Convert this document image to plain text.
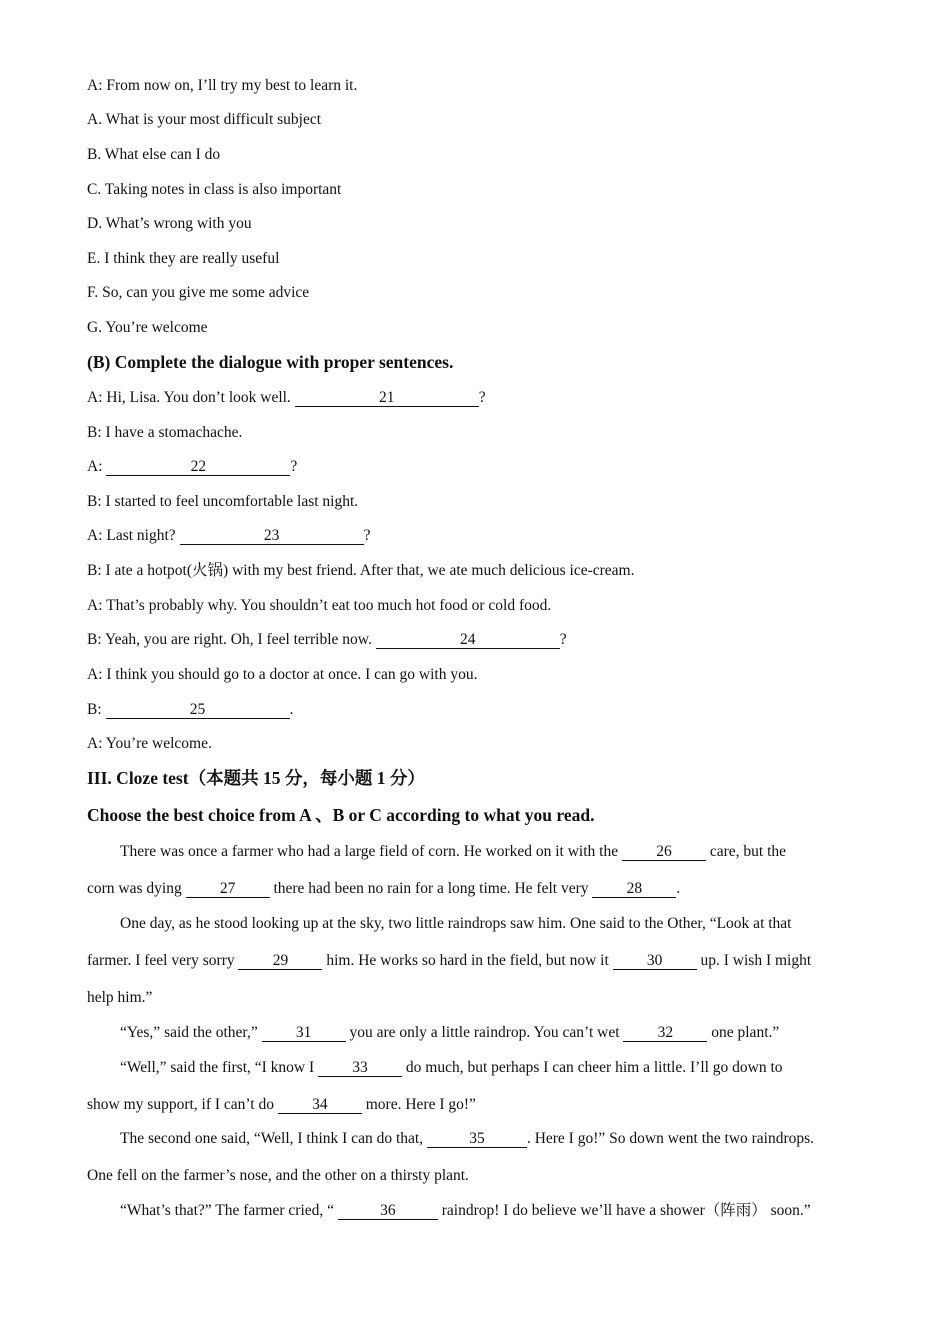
A: From now on, I’ll try my best to learn it.
A. What is your most difficult subject
B. What else can I do
C. Taking notes in class is also important
D. What’s wrong with you
E. I think they are really useful
F. So, can you give me some advice
G. You’re welcome
(B) Complete the dialogue with proper sentences.
A: Hi, Lisa. You don’t look well.	21	?
B: I have a stomachache.
A:	22	?
B: I started to feel uncomfortable last night.
A: Last night?	23	?
B: I ate a hotpot(火锅) with my best friend. After that, we ate much delicious ice-cream.
A: That’s probably why. You shouldn’t eat too much hot food or cold food.
B: Yeah, you are right. Oh, I feel terrible now.	24	?
A: I think you should go to a doctor at once. I can go with you.
B:	25	.
A: You’re welcome.
III. Cloze test（本题共 15 分，每小题 1 分）
Choose the best choice from A 、B or C according to what you read.
There was once a farmer who had a large field of corn. He worked on it with the 26 care, but the
corn was dying 27 there had been no rain for a long time. He felt very 28 .
One day, as he stood looking up at the sky, two little raindrops saw him. One said to the Other, “Look at that
farmer. I feel very sorry 29 him. He works so hard in the field, but now it 30 up. I wish I might
help him.”
“Yes,” said the other,” 31 you are only a little raindrop. You can’t wet 32 one plant.”
“Well,” said the first, “I know I 33 do much, but perhaps I can cheer him a little. I’ll go down to
show my support, if I can’t do 34 more. Here I go!”
The second one said, “Well, I think I can do that,	35	. Here I go!” So down went the two raindrops.
One fell on the farmer’s nose, and the other on a thirsty plant.
“What’s that?” The farmer cried, “	36	raindrop! I do believe we’ll have a shower（阵雨） soon.”
